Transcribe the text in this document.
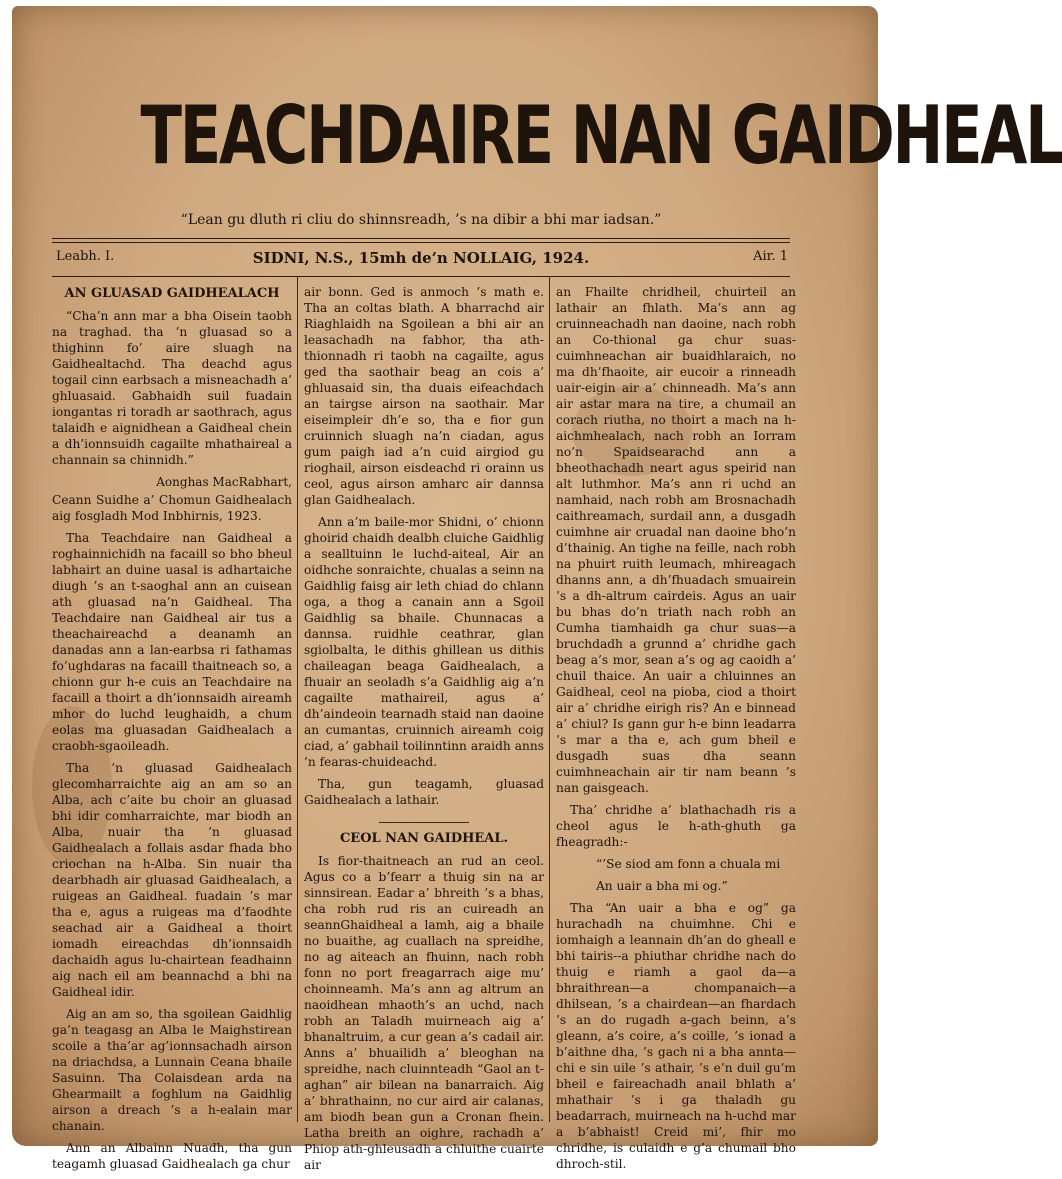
TEACHDAIRE NAN GAIDHEAL
“Lean gu dluth ri cliu do shinnsreadh, ’s na dibir a bhi mar iadsan.”
Leabh. I.	SIDNI, N.S., 15mh de’n NOLLAIG, 1924.	Air. 1
AN GLUASAD GAIDHEALACH

“Cha’n ann mar a bha Oisein taobh na traghad. tha ’n gluasad so a thighinn fo’ aire sluagh na Gaidhealtachd. Tha deachd agus togail cinn earbsach a misneachadh a’ ghluasaid. Gabhaidh suil fuadain iongantas ri toradh ar saothrach, agus talaidh e aignidhean a Gaidheal chein a dh’ionnsuidh cagailte mhathaireal a channain sa chinnidh.”

Aonghas MacRabhart,

Ceann Suidhe a’ Chomun Gaidhealach aig fosgladh Mod Inbhirnis, 1923.

Tha Teachdaire nan Gaidheal a roghainnichidh na facaill so bho bheul labhairt an duine uasal is adhartaiche diugh ’s an t-saoghal ann an cuisean ath gluasad na’n Gaidheal. Tha Teachdaire nan Gaidheal air tus a theachaireachd a deanamh an danadas ann a lan-earbsa ri fathamas fo’ughdaras na facaill thaitneach so, a chionn gur h-e cuis an Teachdaire na facaill a thoirt a dh’ionnsaidh aireamh mhor do luchd leughaidh, a chum eolas ma gluasadan Gaidhealach a craobh-sgaoileadh.

Tha ’n gluasad Gaidhealach glecomharraichte aig an am so an Alba, ach c’aite bu choir an gluasad bhi idir comharraichte, mar biodh an Alba, nuair tha ’n gluasad Gaidhealach a follais asdar fhada bho criochan na h-Alba. Sin nuair tha dearbhadh air gluasad Gaidhealach, a ruigeas an Gaidheal. fuadain ’s mar tha e, agus a ruigeas ma d’faodhte seachad air a Gaidheal a thoirt iomadh eireachdas dh’ionnsaidh dachaidh agus lu-chairtean feadhainn aig nach eil am beannachd a bhi na Gaidheal idir.

Aig an am so, tha sgoilean Gaidhlig ga’n teagasg an Alba le Maighstirean scoile a tha’ar ag’ionnsachadh airson na driachdsa, a Lunnain Ceana bhaile Sasuinn. Tha Colaisdean arda na Ghearmailt a foghlum na Gaidhlig airson a dreach ’s a h-ealain mar chanain.

Ann an Albainn Nuadh, tha gun teagamh gluasad Gaidhealach ga chur

air bonn. Ged is anmoch ’s math e. Tha an coltas blath. A bharrachd air Riaghlaidh na Sgoilean a bhi air an leasachadh na fabhor, tha ath- thionnadh ri taobh na cagailte, agus ged tha saothair beag an cois a’ ghluasaid sin, tha duais eifeachdach an tairgse airson na saothair. Mar eiseimpleir dh’e so, tha e fior gun cruinnich sluagh na’n ciadan, agus gum paigh iad a’n cuid airgiod gu rioghail, airson eisdeachd ri orainn us ceol, agus airson amharc air dannsa glan Gaidhealach.

Ann a’m baile-mor Shidni, o’ chionn ghoirid chaidh dealbh cluiche Gaidhlig a sealltuinn le luchd-aiteal, Air an oidhche sonraichte, chualas a seinn na Gaidhlig faisg air leth chiad do chlann oga, a thog a canain ann a Sgoil Gaidhlig sa bhaile. Chunnacas a dannsa. ruidhle ceathrar, glan sgiolbalta, le dithis ghillean us dithis chaileagan beaga Gaidhealach, a fhuair an seoladh s’a Gaidhlig aig a’n cagailte mathaireil, agus a’ dh’aindeoin tearnadh staid nan daoine an cumantas, cruinnich aireamh coig ciad, a’ gabhail toilinntinn araidh anns ’n fearas-chuideachd.

Tha, gun teagamh, gluasad Gaidhealach a lathair.

CEOL NAN GAIDHEAL.

Is fior-thaitneach an rud an ceol. Agus co a b’fearr a thuig sin na ar sinnsirean. Eadar a’ bhreith ’s a bhas, cha robh rud ris an cuireadh an seannGhaidheal a lamh, aig a bhaile no buaithe, ag cuallach na spreidhe, no ag aiteach an fhuinn, nach robh fonn no port freagarrach aige mu’ choinneamh. Ma’s ann ag altrum an naoidhean mhaoth’s an uchd, nach robh an Taladh muirneach aig a’ bhanaltruim, a cur gean a’s cadail air. Anns a’ bhuailidh a’ bleoghan na spreidhe, nach cluinnteadh “Gaol an t-aghan” air bilean na banarraich. Aig a’ bhrathainn, no cur aird air calanas, am biodh bean gun a Cronan fhein. Latha breith an oighre, rachadh a’ Phiop ath-ghleusadh a chluithe cuairte air

an Fhailte chridheil, chuirteil an lathair an fhlath. Ma’s ann ag cruinneachadh nan daoine, nach robh an Co-thional ga chur suas-cuimhneachan air buaidhlaraich, no ma dh’fhaoite, air eucoir a rinneadh uair-eigin air a’ chinneadh. Ma’s ann air astar mara na tire, a chumail an corach riutha, no thoirt a mach na h-aichmhealach, nach robh an Iorram no’n Spaidsearachd ann a bheothachadh neart agus speirid nan alt luthmhor. Ma’s ann ri uchd an namhaid, nach robh am Brosnachadh caithreamach, surdail ann, a dusgadh cuimhne air cruadal nan daoine bho’n d’thainig. An tighe na feille, nach robh na phuirt ruith leumach, mhireagach dhanns ann, a dh’fhuadach smuairein ’s a dh-altrum cairdeis. Agus an uair bu bhas do’n triath nach robh an Cumha tiamhaidh ga chur suas—a bruchdadh a grunnd a’ chridhe gach beag a’s mor, sean a’s og ag caoidh a’ chuil thaice. An uair a chluinnes an Gaidheal, ceol na pioba, ciod a thoirt air a’ chridhe eirigh ris? An e binnead a’ chiul? Is gann gur h-e binn leadarra ’s mar a tha e, ach gum bheil e dusgadh suas dha seann cuimhneachain air tir nam beann ’s nan gaisgeach.

Tha’ chridhe a’ blathachadh ris a cheol agus le h-ath-ghuth ga fheagradh:-

“’Se siod am fonn a chuala mi

An uair a bha mi og.”

Tha “An uair a bha e og” ga hurachadh na chuimhne. Chi e iomhaigh a leannain dh’an do gheall e bhi tairis--a phiuthar chridhe nach do thuig e riamh a gaol da—a bhraithrean—a chompanaich—a dhilsean, ’s a chairdean—an fhardach ’s an do rugadh a-gach beinn, a’s gleann, a’s coire, a’s coille, ’s ionad a b’aithne dha, ’s gach ni a bha annta—chi e sin uile ’s athair, ’s e’n duil gu’m bheil e faireachadh anail bhlath a’ mhathair ’s i ga thaladh gu beadarrach, muirneach na h-uchd mar a b’abhaist! Creid mi’, fhir mo chridhe, is culaidh e g’a chumail bho dhroch-stil.
